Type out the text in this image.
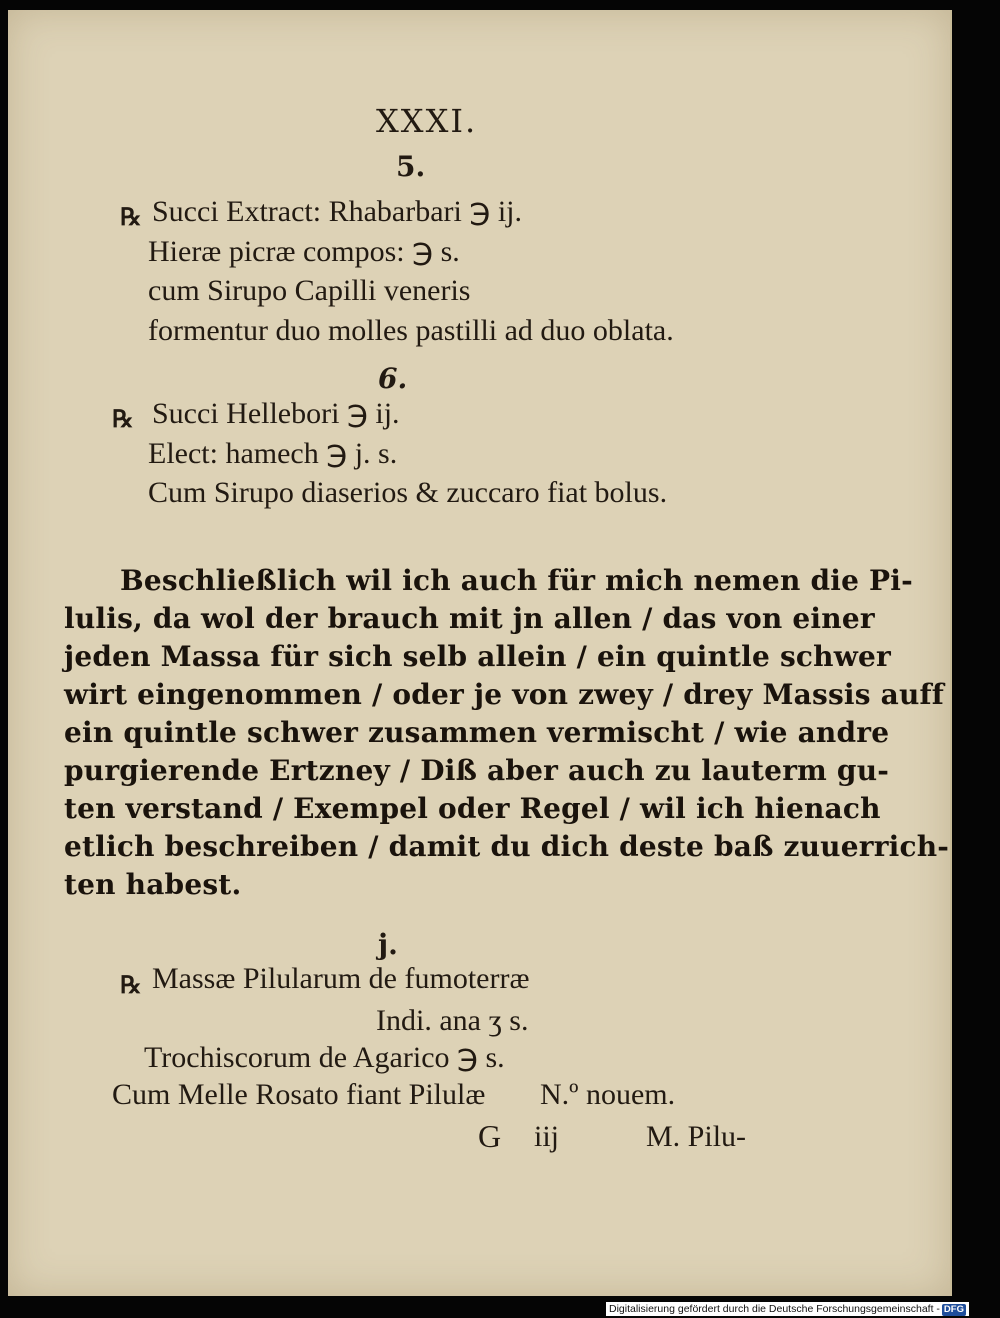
XXXI.
5.
℞ Succi Extract: Rhabarbari ℈ ij.
Hieræ picræ compos: ℈ s.
cum Sirupo Capilli veneris
formentur duo molles pastilli ad duo oblata.
6.
℞ Succi Hellebori ℈ ij.
Elect: hamech ℈ j. s.
Cum Sirupo diaserios & zuccaro fiat bolus.
Beschließlich wil ich auch für mich nemen die Pi-
lulis, da wol der brauch mit jn allen / das von einer
jeden Massa für sich selb allein / ein quintle schwer
wirt eingenommen / oder je von zwey / drey Massis auff
ein quintle schwer zusammen vermischt / wie andre
purgierende Ertzney / Diß aber auch zu lauterm gu-
ten verstand / Exempel oder Regel / wil ich hienach
etlich beschreiben / damit du dich deste baß zuuerrich-
ten habest.
j.
℞ Massæ Pilularum de fumoterræ
Indi. ana ʒ s.
Trochiscorum de Agarico ℈ s.
Cum Melle Rosato fiant Pilulæ N.º nouem.
G iij	M. Pilu-
Digitalisierung gefördert durch die Deutsche Forschungsgemeinschaft - DFG
